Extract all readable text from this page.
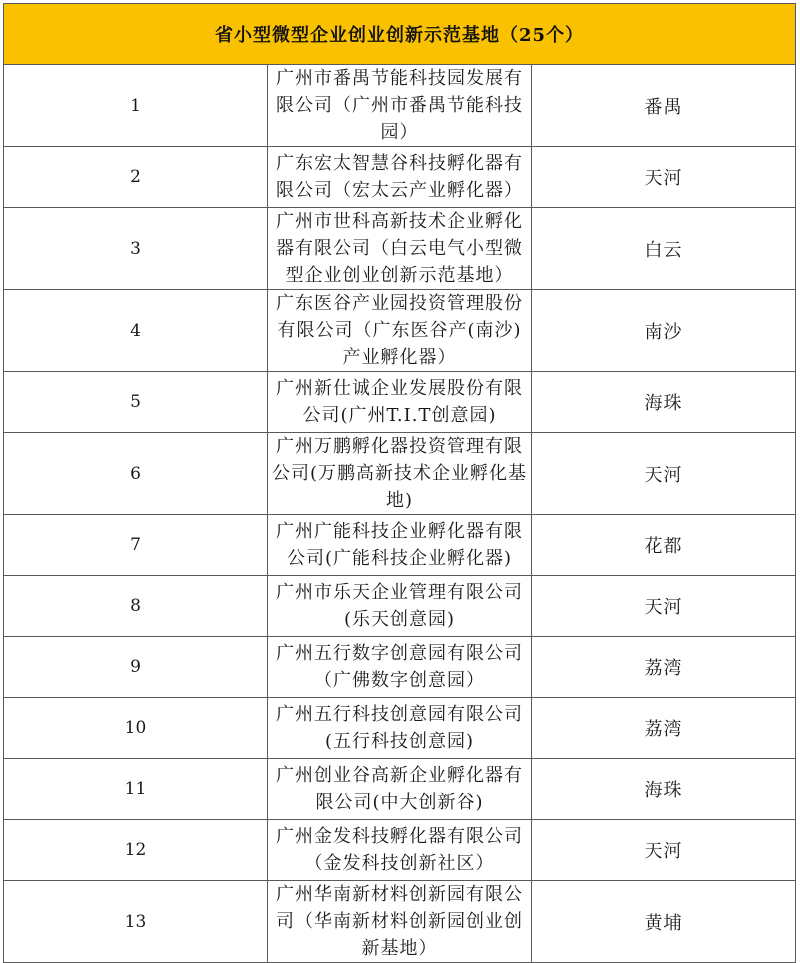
省小型微型企业创业创新示范基地（25个）		
1	广州市番禺节能科技园发展有限公司（广州市番禺节能科技园）	番禺
2	广东宏太智慧谷科技孵化器有限公司（宏太云产业孵化器）	天河
3	广州市世科高新技术企业孵化器有限公司（白云电气小型微型企业创业创新示范基地）	白云
4	广东医谷产业园投资管理股份有限公司（广东医谷产(南沙)产业孵化器）	南沙
5	广州新仕诚企业发展股份有限公司(广州T.I.T创意园)	海珠
6	广州万鹏孵化器投资管理有限公司(万鹏高新技术企业孵化基地)	天河
7	广州广能科技企业孵化器有限公司(广能科技企业孵化器)	花都
8	广州市乐天企业管理有限公司(乐天创意园)	天河
9	广州五行数字创意园有限公司（广佛数字创意园）	荔湾
10	广州五行科技创意园有限公司(五行科技创意园)	荔湾
11	广州创业谷高新企业孵化器有限公司(中大创新谷)	海珠
12	广州金发科技孵化器有限公司（金发科技创新社区）	天河
13	广州华南新材料创新园有限公司（华南新材料创新园创业创新基地）	黄埔
